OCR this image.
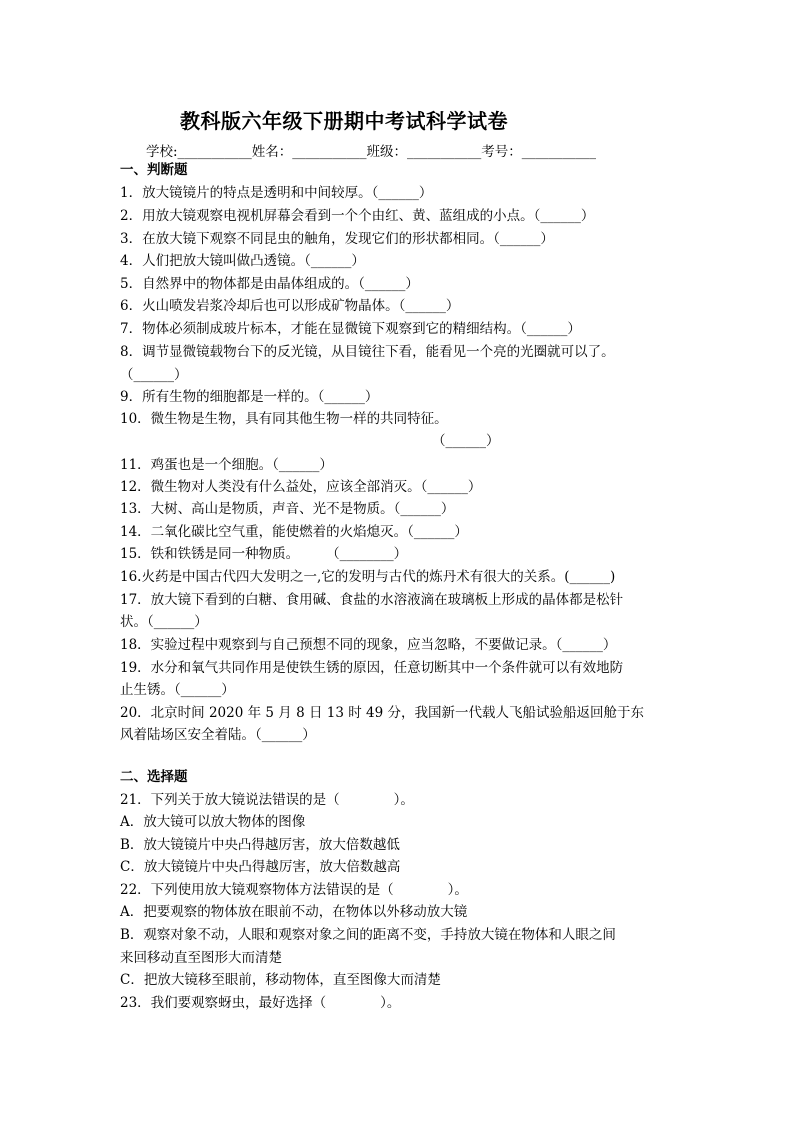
教科版六年级下册期中考试科学试卷
学校:___________姓名：___________班级：___________考号：___________
一、判断题
1．放大镜镜片的特点是透明和中间较厚。（______）
2．用放大镜观察电视机屏幕会看到一个个由红、黄、蓝组成的小点。（______）
3．在放大镜下观察不同昆虫的触角，发现它们的形状都相同。（______）
4．人们把放大镜叫做凸透镜。（______）
5．自然界中的物体都是由晶体组成的。（______）
6．火山喷发岩浆冷却后也可以形成矿物晶体。（______）
7．物体必须制成玻片标本，才能在显微镜下观察到它的精细结构。（______）
8．调节显微镜载物台下的反光镜，从目镜往下看，能看见一个亮的光圈就可以了。
（______）
9．所有生物的细胞都是一样的。（______）
10．微生物是生物，具有同其他生物一样的共同特征。
（______）
11．鸡蛋也是一个细胞。（______）
12．微生物对人类没有什么益处，应该全部消灭。（______）
13．大树、高山是物质，声音、光不是物质。（______）
14．二氧化碳比空气重，能使燃着的火焰熄灭。（______）
15．铁和铁锈是同一种物质。　　　（________）
16.火药是中国古代四大发明之一,它的发明与古代的炼丹术有很大的关系。(______)
17．放大镜下看到的白糖、食用碱、食盐的水溶液滴在玻璃板上形成的晶体都是松针
状。（______）
18．实验过程中观察到与自己预想不同的现象，应当忽略，不要做记录。（______）
19．水分和氧气共同作用是使铁生锈的原因，任意切断其中一个条件就可以有效地防
止生锈。（______）
20．北京时间 2020 年 5 月 8 日 13 时 49 分，我国新一代载人飞船试验船返回舱于东
风着陆场区安全着陆。（______）
二、选择题
21．下列关于放大镜说法错误的是（　　　　）。
A．放大镜可以放大物体的图像
B．放大镜镜片中央凸得越厉害，放大倍数越低
C．放大镜镜片中央凸得越厉害，放大倍数越高
22．下列使用放大镜观察物体方法错误的是（　　　　）。
A．把要观察的物体放在眼前不动，在物体以外移动放大镜
B．观察对象不动，人眼和观察对象之间的距离不变，手持放大镜在物体和人眼之间
来回移动直至图形大而清楚
C．把放大镜移至眼前，移动物体，直至图像大而清楚
23．我们要观察蚜虫，最好选择（　　　　）。
